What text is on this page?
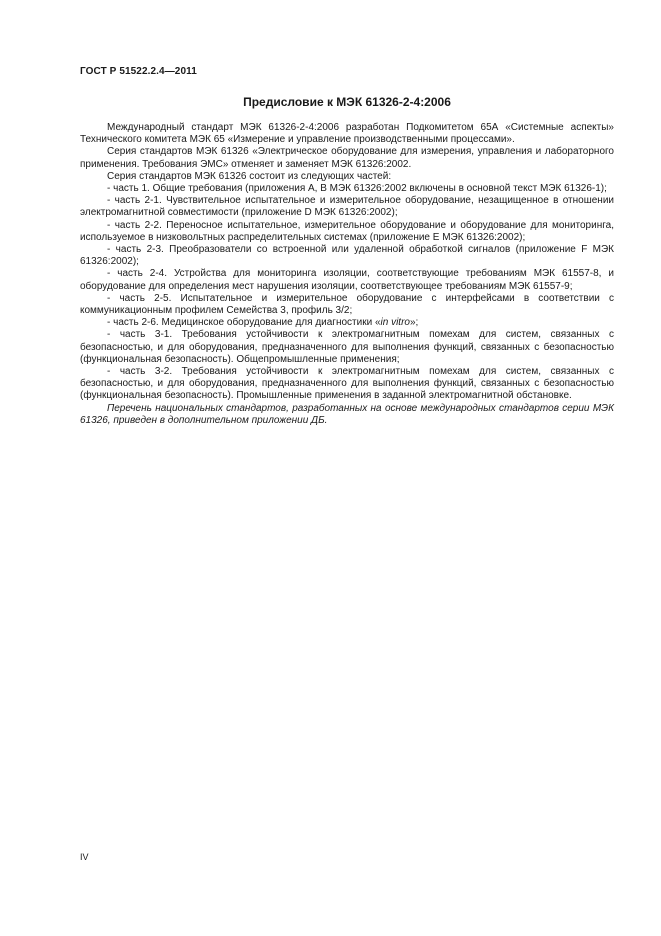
ГОСТ Р 51522.2.4—2011
Предисловие к МЭК 61326-2-4:2006

Международный стандарт МЭК 61326-2-4:2006 разработан Подкомитетом 65А «Системные аспекты» Технического комитета МЭК 65 «Измерение и управление производственными процессами».

Серия стандартов МЭК 61326 «Электрическое оборудование для измерения, управления и лабораторного применения. Требования ЭМС» отменяет и заменяет МЭК 61326:2002.

Серия стандартов МЭК 61326 состоит из следующих частей:

- часть 1. Общие требования (приложения А, В МЭК 61326:2002 включены в основной текст МЭК 61326-1);

- часть 2-1. Чувствительное испытательное и измерительное оборудование, незащищенное в отношении электромагнитной совместимости (приложение D МЭК 61326:2002);

- часть 2-2. Переносное испытательное, измерительное оборудование и оборудование для мониторинга, используемое в низковольтных распределительных системах (приложение Е МЭК 61326:2002);

- часть 2-3. Преобразователи со встроенной или удаленной обработкой сигналов (приложение F МЭК 61326:2002);

- часть 2-4. Устройства для мониторинга изоляции, соответствующие требованиям МЭК 61557-8, и оборудование для определения мест нарушения изоляции, соответствующее требованиям МЭК 61557-9;

- часть 2-5. Испытательное и измерительное оборудование с интерфейсами в соответствии с коммуникационным профилем Семейства 3, профиль 3/2;

- часть 2-6. Медицинское оборудование для диагностики «in vitro»;

- часть 3-1. Требования устойчивости к электромагнитным помехам для систем, связанных с безопасностью, и для оборудования, предназначенного для выполнения функций, связанных с безопасностью (функциональная безопасность). Общепромышленные применения;

- часть 3-2. Требования устойчивости к электромагнитным помехам для систем, связанных с безопасностью, и для оборудования, предназначенного для выполнения функций, связанных с безопасностью (функциональная безопасность). Промышленные применения в заданной электромагнитной обстановке.

Перечень национальных стандартов, разработанных на основе международных стандартов серии МЭК 61326, приведен в дополнительном приложении ДБ.

IV
